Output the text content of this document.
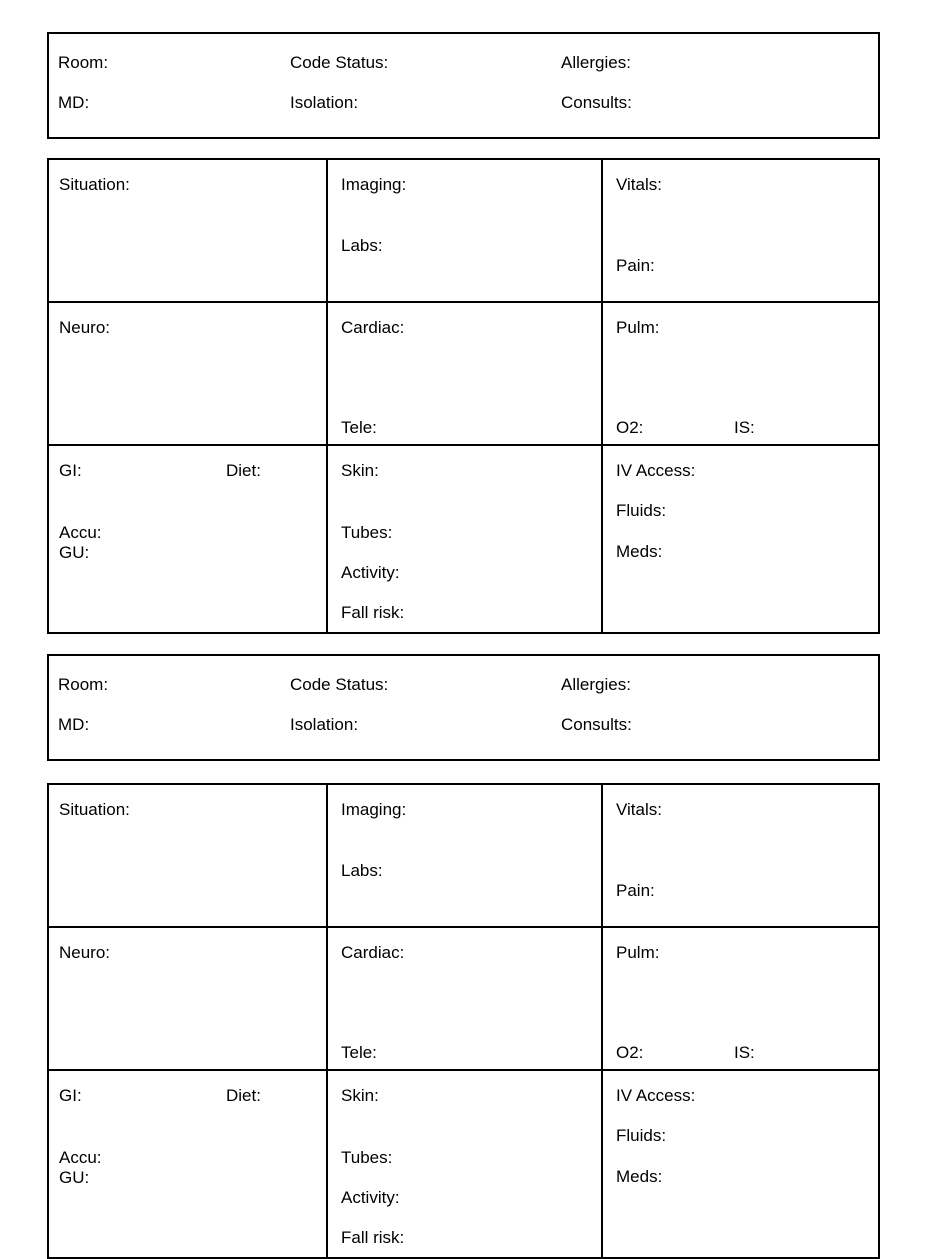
Room:	Code Status:	Allergies:
MD:	Isolation:	Consults:
Situation:	Imaging:
Labs:
Vitals:
Pain:
Neuro:	Cardiac:
Tele:
Pulm:
O2:	IS:
GI:	Diet:
Accu:
GU:
Skin:
Tubes:
Activity:
Fall risk:
IV Access:
Fluids:
Meds:
Room:	Code Status:	Allergies:
MD:	Isolation:	Consults:
Situation:	Imaging:
Labs:
Vitals:
Pain:
Neuro:	Cardiac:
Tele:
Pulm:
O2:	IS:
GI:	Diet:
Accu:
GU:
Skin:
Tubes:
Activity:
Fall risk:
IV Access:
Fluids:
Meds:
